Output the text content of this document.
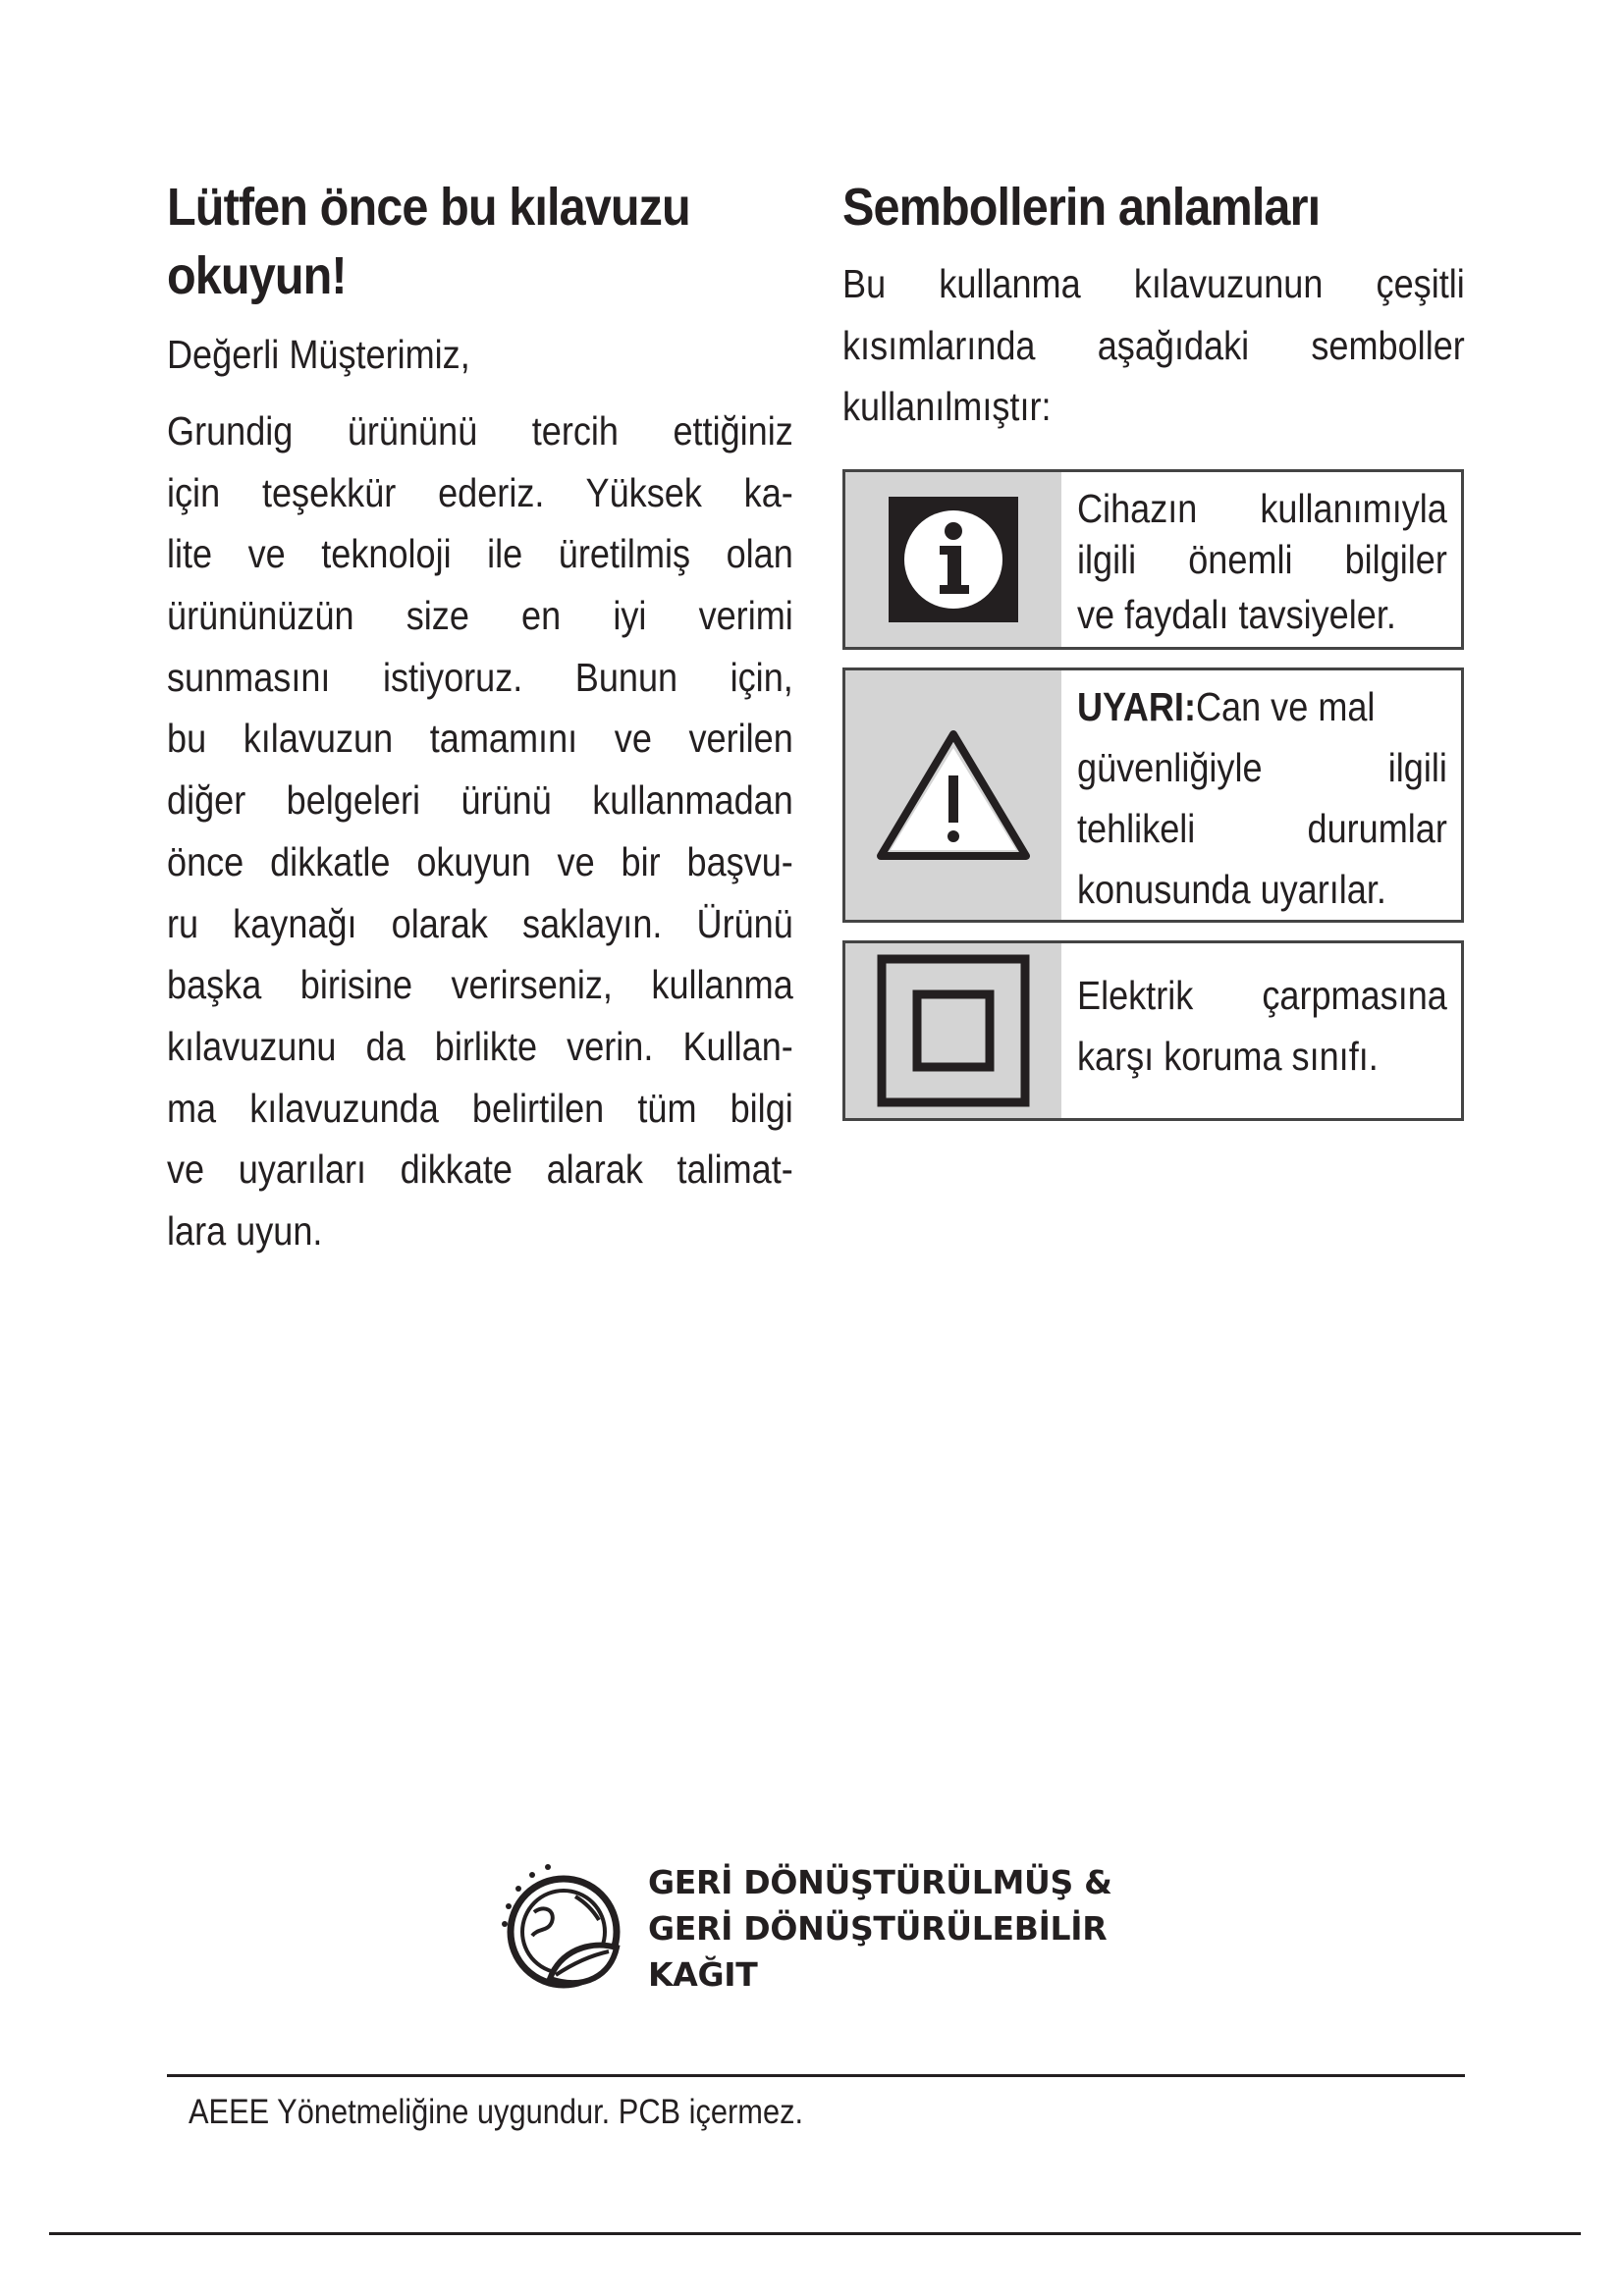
Lütfen önce bu kılavuzu
okuyun!
Değerli Müşterimiz,
Grundig ürününü tercih ettiğiniz
için teşekkür ederiz. Yüksek ka-
lite ve teknoloji ile üretilmiş olan
ürününüzün size en iyi verimi
sunmasını istiyoruz. Bunun için,
bu kılavuzun tamamını ve verilen
diğer belgeleri ürünü kullanmadan
önce dikkatle okuyun ve bir başvu-
ru kaynağı olarak saklayın. Ürünü
başka birisine verirseniz, kullanma
kılavuzunu da birlikte verin. Kullan-
ma kılavuzunda belirtilen tüm bilgi
ve uyarıları dikkate alarak talimat-
lara uyun.
Sembollerin anlamları
Bu kullanma kılavuzunun çeşitli
kısımlarında aşağıdaki semboller
kullanılmıştır:
Cihazın kullanımıyla
ilgili önemli bilgiler
ve faydalı tavsiyeler.
UYARI:Can ve mal
güvenliğiyle ilgili
tehlikeli durumlar
konusunda uyarılar.
Elektrik çarpmasına
karşı koruma sınıfı.
GERİ DÖNÜŞTÜRÜLMÜŞ &
GERİ DÖNÜŞTÜRÜLEBİLİR
KAĞIT
AEEE Yönetmeliğine uygundur. PCB içermez.
